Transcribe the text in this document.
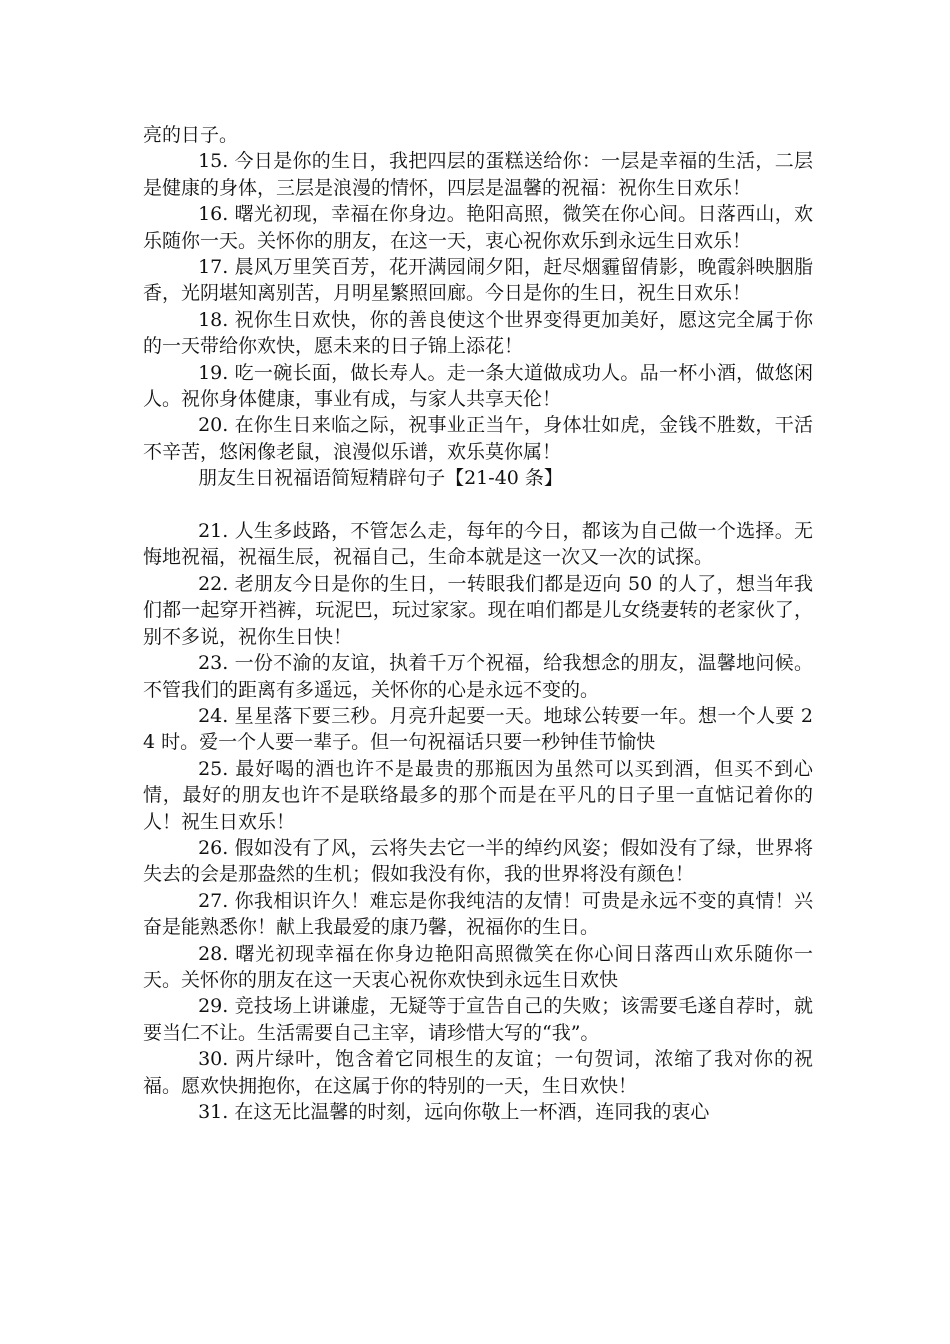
亮的日子。

15. 今日是你的生日，我把四层的蛋糕送给你：一层是幸福的生活，二层是健康的身体，三层是浪漫的情怀，四层是温馨的祝福：祝你生日欢乐！

16. 曙光初现，幸福在你身边。艳阳高照，微笑在你心间。日落西山，欢乐随你一天。关怀你的朋友，在这一天，衷心祝你欢乐到永远生日欢乐！

17. 晨风万里笑百芳，花开满园闹夕阳，赶尽烟霾留倩影，晚霞斜映胭脂香，光阴堪知离别苦，月明星繁照回廊。今日是你的生日，祝生日欢乐！

18. 祝你生日欢快，你的善良使这个世界变得更加美好，愿这完全属于你的一天带给你欢快，愿未来的日子锦上添花！

19. 吃一碗长面，做长寿人。走一条大道做成功人。品一杯小酒，做悠闲人。祝你身体健康，事业有成，与家人共享天伦！

20. 在你生日来临之际，祝事业正当午，身体壮如虎，金钱不胜数，干活不辛苦，悠闲像老鼠，浪漫似乐谱，欢乐莫你属！

朋友生日祝福语简短精辟句子【21-40 条】

21. 人生多歧路，不管怎么走，每年的今日，都该为自己做一个选择。无悔地祝福，祝福生辰，祝福自己，生命本就是这一次又一次的试探。

22. 老朋友今日是你的生日，一转眼我们都是迈向 50 的人了，想当年我们都一起穿开裆裤，玩泥巴，玩过家家。现在咱们都是儿女绕妻转的老家伙了，别不多说，祝你生日快！

23. 一份不渝的友谊，执着千万个祝福，给我想念的朋友，温馨地问候。不管我们的距离有多遥远，关怀你的心是永远不变的。

24. 星星落下要三秒。月亮升起要一天。地球公转要一年。想一个人要 24 时。爱一个人要一辈子。但一句祝福话只要一秒钟佳节愉快

25. 最好喝的酒也许不是最贵的那瓶因为虽然可以买到酒，但买不到心情，最好的朋友也许不是联络最多的那个而是在平凡的日子里一直惦记着你的人！祝生日欢乐！

26. 假如没有了风，云将失去它一半的绰约风姿；假如没有了绿，世界将失去的会是那盎然的生机；假如我没有你，我的世界将没有颜色！

27. 你我相识许久！难忘是你我纯洁的友情！可贵是永远不变的真情！兴奋是能熟悉你！献上我最爱的康乃馨，祝福你的生日。

28. 曙光初现幸福在你身边艳阳高照微笑在你心间日落西山欢乐随你一天。关怀你的朋友在这一天衷心祝你欢快到永远生日欢快

29. 竞技场上讲谦虚，无疑等于宣告自己的失败；该需要毛遂自荐时，就要当仁不让。生活需要自己主宰，请珍惜大写的“我”。

30. 两片绿叶，饱含着它同根生的友谊；一句贺词，浓缩了我对你的祝福。愿欢快拥抱你，在这属于你的特别的一天，生日欢快！

31. 在这无比温馨的时刻，远向你敬上一杯酒，连同我的衷心
